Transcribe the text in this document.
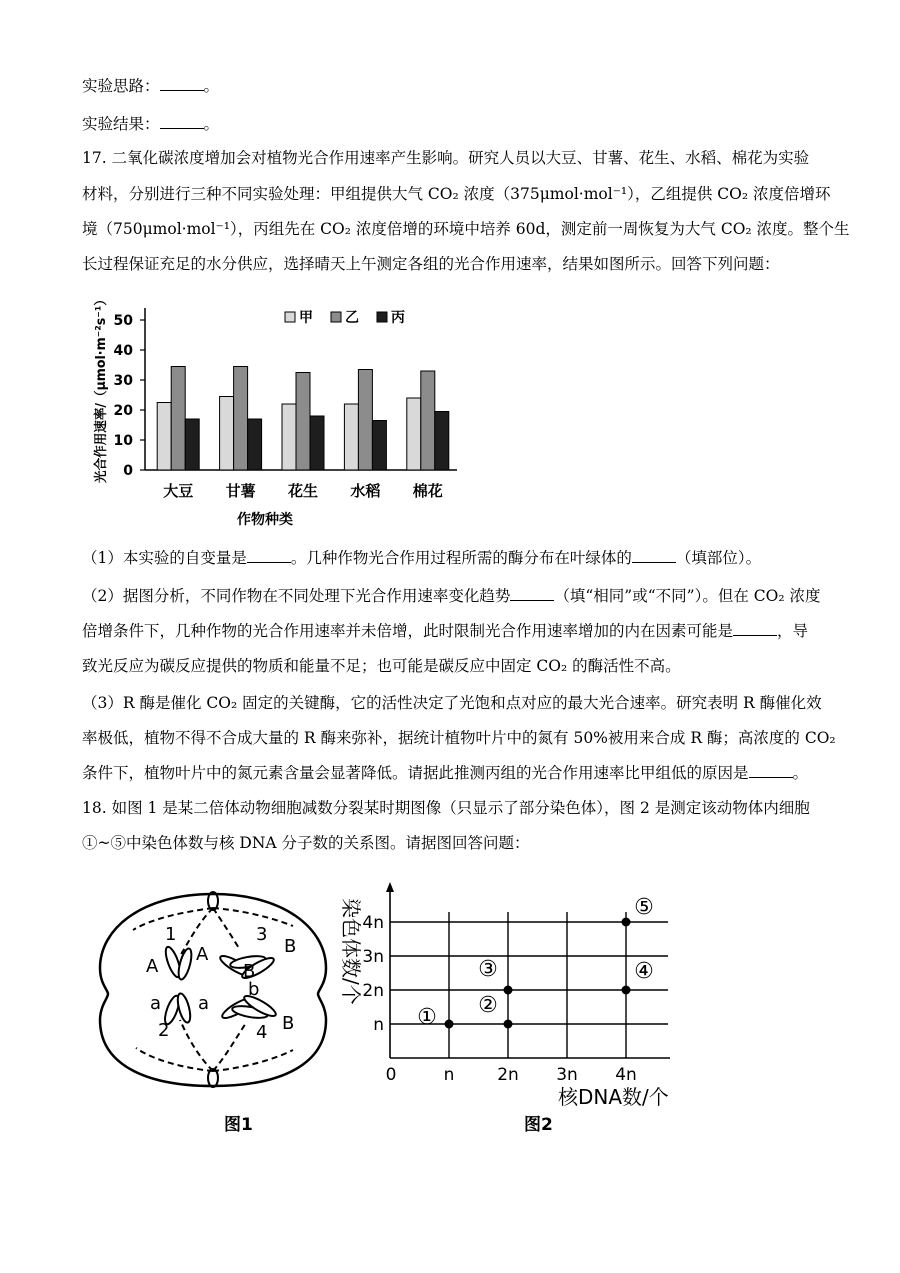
实验思路：	。
实验结果：	。
17. 二氧化碳浓度增加会对植物光合作用速率产生影响。研究人员以大豆、甘薯、花生、水稻、棉花为实验
材料，分别进行三种不同实验处理：甲组提供大气 CO₂ 浓度（375μmol·mol⁻¹），乙组提供 CO₂ 浓度倍增环
境（750μmol·mol⁻¹），丙组先在 CO₂ 浓度倍增的环境中培养 60d，测定前一周恢复为大气 CO₂ 浓度。整个生
长过程保证充足的水分供应，选择晴天上午测定各组的光合作用速率，结果如图所示。回答下列问题：
光合作用速率/（μmol·m⁻²s⁻¹） 0
10
20
30
40
50
大豆 甘薯 花生 水稻 棉花
甲 乙 丙
作物种类
（1）本实验的自变量是	。几种作物光合作用过程所需的酶分布在叶绿体的	（填部位）。
（2）据图分析，不同作物在不同处理下光合作用速率变化趋势	（填“相同”或“不同”）。但在 CO₂ 浓度
倍增条件下，几种作物的光合作用速率并未倍增，此时限制光合作用速率增加的内在因素可能是	，导
致光反应为碳反应提供的物质和能量不足；也可能是碳反应中固定 CO₂ 的酶活性不高。
（3）R 酶是催化 CO₂ 固定的关键酶，它的活性决定了光饱和点对应的最大光合速率。研究表明 R 酶催化效
率极低，植物不得不合成大量的 R 酶来弥补，据统计植物叶片中的氮有 50%被用来合成 R 酶；高浓度的 CO₂
条件下，植物叶片中的氮元素含量会显著降低。请据此推测丙组的光合作用速率比甲组低的原因是	。
18. 如图 1 是某二倍体动物细胞减数分裂某时期图像（只显示了部分染色体），图 2 是测定该动物体内细胞
①~⑤中染色体数与核 DNA 分子数的关系图。请据图回答问题：
1
2
3
4
A
A
a a
B
B
b
B
图1
染色体数/个
0	n	2n 3n 4n
n
2n
3n
4n
① ②
③	④
⑤
核DNA数/个
图2
